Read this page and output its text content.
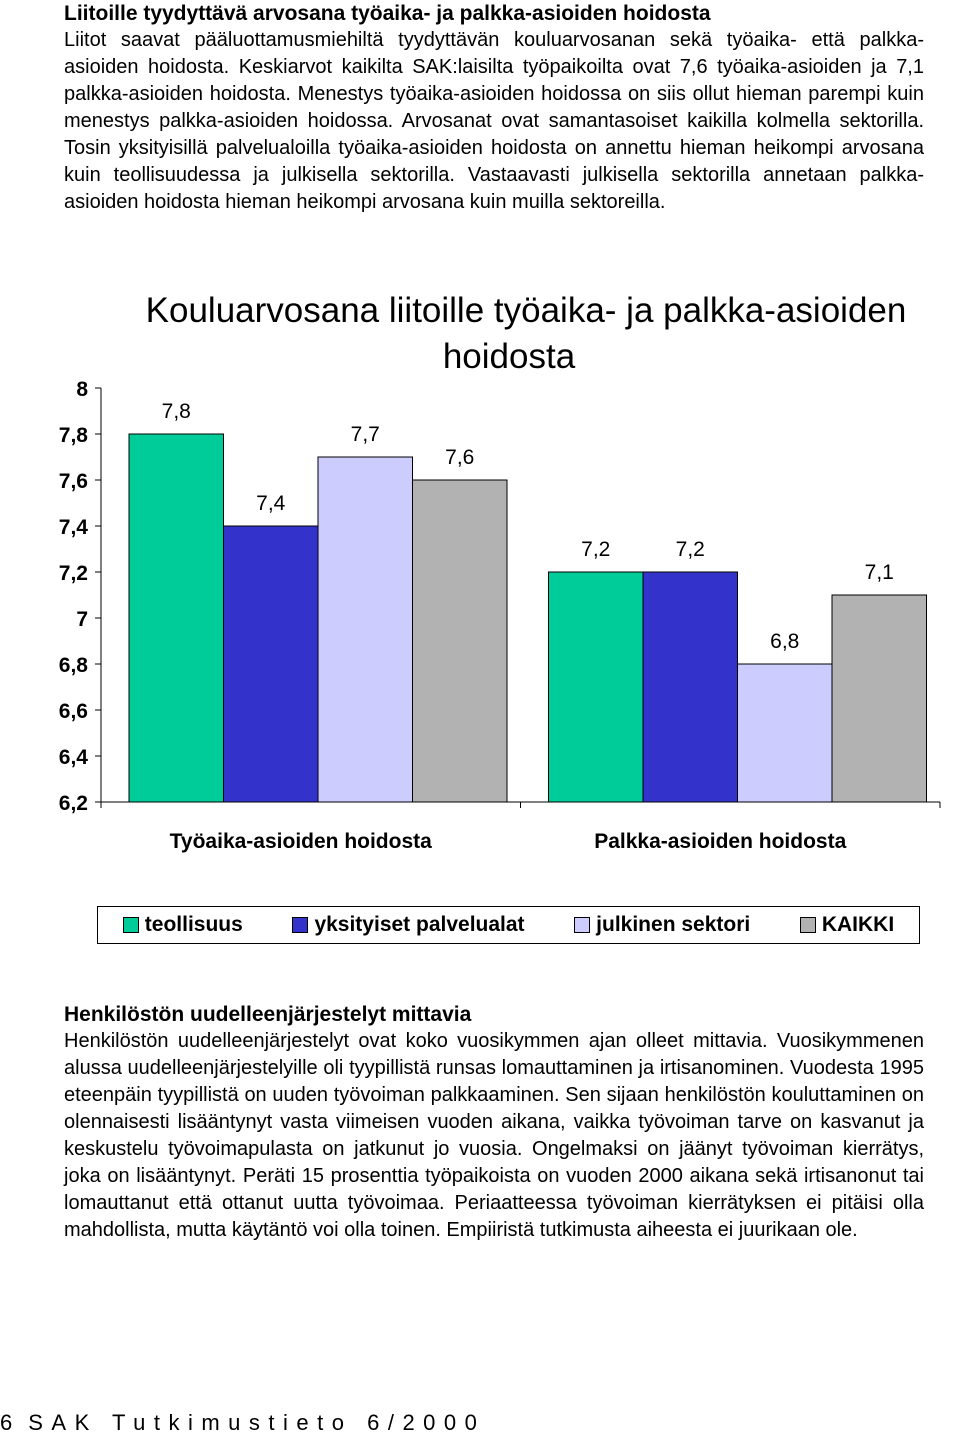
Liitoille tyydyttävä arvosana työaika- ja palkka-asioiden hoidosta

Liitot saavat pääluottamusmiehiltä tyydyttävän kouluarvosanan sekä työaika- että palkka-asioiden hoidosta. Keskiarvot kaikilta SAK:laisilta työpaikoilta ovat 7,6 työaika-asioiden ja 7,1 palkka-asioiden hoidosta. Menestys työaika-asioiden hoidossa on siis ollut hieman parempi kuin menestys palkka-asioiden hoidossa. Arvosanat ovat samantasoiset kaikilla kolmella sektorilla. Tosin yksityisillä palvelualoilla työaika-asioiden hoidosta on annettu hieman heikompi arvosana kuin teollisuudessa ja julkisella sektorilla. Vastaavasti julkisella sektorilla annetaan palkka-asioiden hoidosta hieman heikompi arvosana kuin muilla sektoreilla.

Kouluarvosana liitoille työaika- ja palkka-asioiden
hoidosta
8
7,8
7,6
7,4
7,2
7
6,8
6,6
6,4
6,2
7,8
7,4
7,7
7,6
7,2	7,2
6,8
7,1
Työaika-asioiden hoidosta	Palkka-asioiden hoidosta
teollisuus	yksityiset palvelualat	julkinen sektori	KAIKKI
Henkilöstön uudelleenjärjestelyt mittavia

Henkilöstön uudelleenjärjestelyt ovat koko vuosikymmen ajan olleet mittavia. Vuosikymmenen alussa uudelleenjärjestelyille oli tyypillistä runsas lomauttaminen ja irtisanominen. Vuodesta 1995 eteenpäin tyypillistä on uuden työvoiman palkkaaminen. Sen sijaan henkilöstön kouluttaminen on olennaisesti lisääntynyt vasta viimeisen vuoden aikana, vaikka työvoiman tarve on kasvanut ja keskustelu työvoimapulasta on jatkunut jo vuosia. Ongelmaksi on jäänyt työvoiman kierrätys, joka on lisääntynyt. Peräti 15 prosenttia työpaikoista on vuoden 2000 aikana sekä irtisanonut tai lomauttanut että ottanut uutta työvoimaa. Periaatteessa työvoiman kierrätyksen ei pitäisi olla mahdollista, mutta käytäntö voi olla toinen. Empiiristä tutkimusta aiheesta ei juurikaan ole.

6 SAK Tutkimustieto 6/2000
